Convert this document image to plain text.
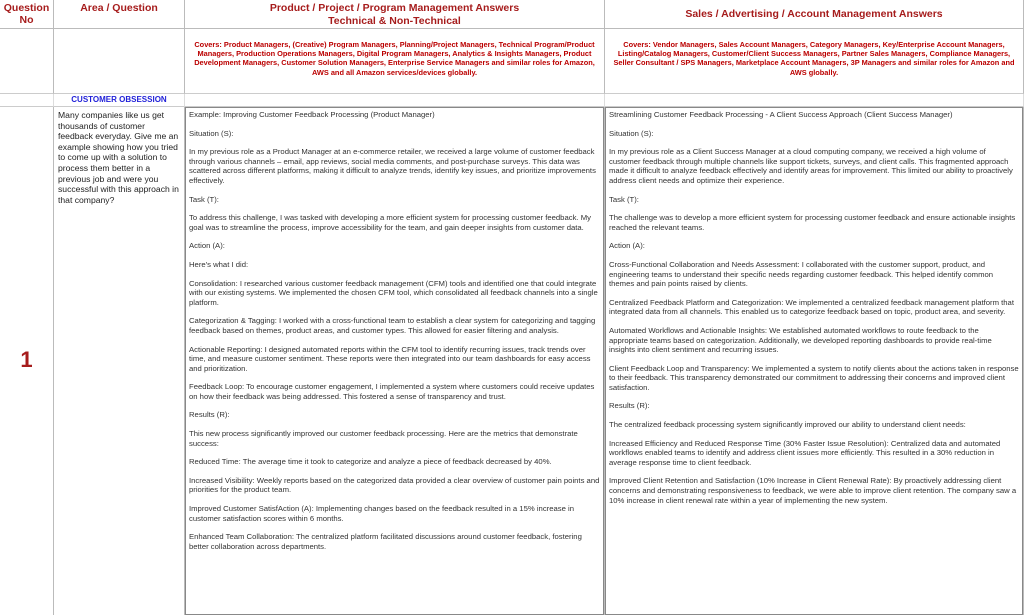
Question No
Area / Question	Product / Project / Program Management Answers
Technical & Non-Technical
Sales / Advertising / Account Management Answers
Covers: Product Managers, (Creative) Program Managers, Planning/Project Managers, Technical Program/Product Managers, Production Operations Managers, Digital Program Managers, Analytics & Insights Managers, Product Development Managers, Customer Solution Managers, Enterprise Service Managers and similar roles for Amazon, AWS and all Amazon services/devices globally.
Covers: Vendor Managers, Sales Account Managers, Category Managers, Key/Enterprise Account Managers, Listing/Catalog Managers, Customer/Client Success Managers, Partner Sales Managers, Compliance Managers, Seller Consultant / SPS Managers, Marketplace Account Managers, 3P Managers and similar roles for Amazon and AWS globally.
CUSTOMER OBSESSION
1
Many companies like us get thousands of customer feedback everyday. Give me an example showing how you tried to come up with a solution to process them better in a previous job and were you successful with this approach in that company?

Example: Improving Customer Feedback Processing (Product Manager)

Situation (S):

In my previous role as a Product Manager at an e-commerce retailer, we received a large volume of customer feedback through various channels – email, app reviews, social media comments, and post-purchase surveys. This data was scattered across different platforms, making it difficult to analyze trends, identify key issues, and prioritize improvements effectively.

Task (T):

To address this challenge, I was tasked with developing a more efficient system for processing customer feedback. My goal was to streamline the process, improve accessibility for the team, and gain deeper insights from customer data.

Action (A):

Here's what I did:

Consolidation: I researched various customer feedback management (CFM) tools and identified one that could integrate with our existing systems. We implemented the chosen CFM tool, which consolidated all feedback channels into a single platform.

Categorization & Tagging: I worked with a cross-functional team to establish a clear system for categorizing and tagging feedback based on themes, product areas, and customer types. This allowed for easier filtering and analysis.

Actionable Reporting: I designed automated reports within the CFM tool to identify recurring issues, track trends over time, and measure customer sentiment. These reports were then integrated into our team dashboards for easy access and prioritization.

Feedback Loop: To encourage customer engagement, I implemented a system where customers could receive updates on how their feedback was being addressed. This fostered a sense of transparency and trust.

Results (R):

This new process significantly improved our customer feedback processing. Here are the metrics that demonstrate success:

Reduced Time: The average time it took to categorize and analyze a piece of feedback decreased by 40%.

Increased Visibility: Weekly reports based on the categorized data provided a clear overview of customer pain points and priorities for the product team.

Improved Customer SatisfAction (A): Implementing changes based on the feedback resulted in a 15% increase in customer satisfaction scores within 6 months.

Enhanced Team Collaboration: The centralized platform facilitated discussions around customer feedback, fostering better collaboration across departments.

Streamlining Customer Feedback Processing - A Client Success Approach (Client Success Manager)

Situation (S):

In my previous role as a Client Success Manager at a cloud computing company, we received a high volume of customer feedback through multiple channels like support tickets, surveys, and client calls. This fragmented approach made it difficult to analyze feedback effectively and identify areas for improvement. This limited our ability to proactively address client needs and optimize their experience.

Task (T):

The challenge was to develop a more efficient system for processing customer feedback and ensure actionable insights reached the relevant teams.

Action (A):

Cross-Functional Collaboration and Needs Assessment: I collaborated with the customer support, product, and engineering teams to understand their specific needs regarding customer feedback. This helped identify common themes and pain points raised by clients.

Centralized Feedback Platform and Categorization: We implemented a centralized feedback management platform that integrated data from all channels. This enabled us to categorize feedback based on topic, product area, and severity.

Automated Workflows and Actionable Insights: We established automated workflows to route feedback to the appropriate teams based on categorization. Additionally, we developed reporting dashboards to provide real-time insights into client sentiment and recurring issues.

Client Feedback Loop and Transparency: We implemented a system to notify clients about the actions taken in response to their feedback. This transparency demonstrated our commitment to addressing their concerns and improved client satisfaction.

Results (R):

The centralized feedback processing system significantly improved our ability to understand client needs:

Increased Efficiency and Reduced Response Time (30% Faster Issue Resolution): Centralized data and automated workflows enabled teams to identify and address client issues more efficiently. This resulted in a 30% reduction in average response time to client feedback.

Improved Client Retention and Satisfaction (10% Increase in Client Renewal Rate): By proactively addressing client concerns and demonstrating responsiveness to feedback, we were able to improve client retention. The company saw a 10% increase in client renewal rate within a year of implementing the new system.
